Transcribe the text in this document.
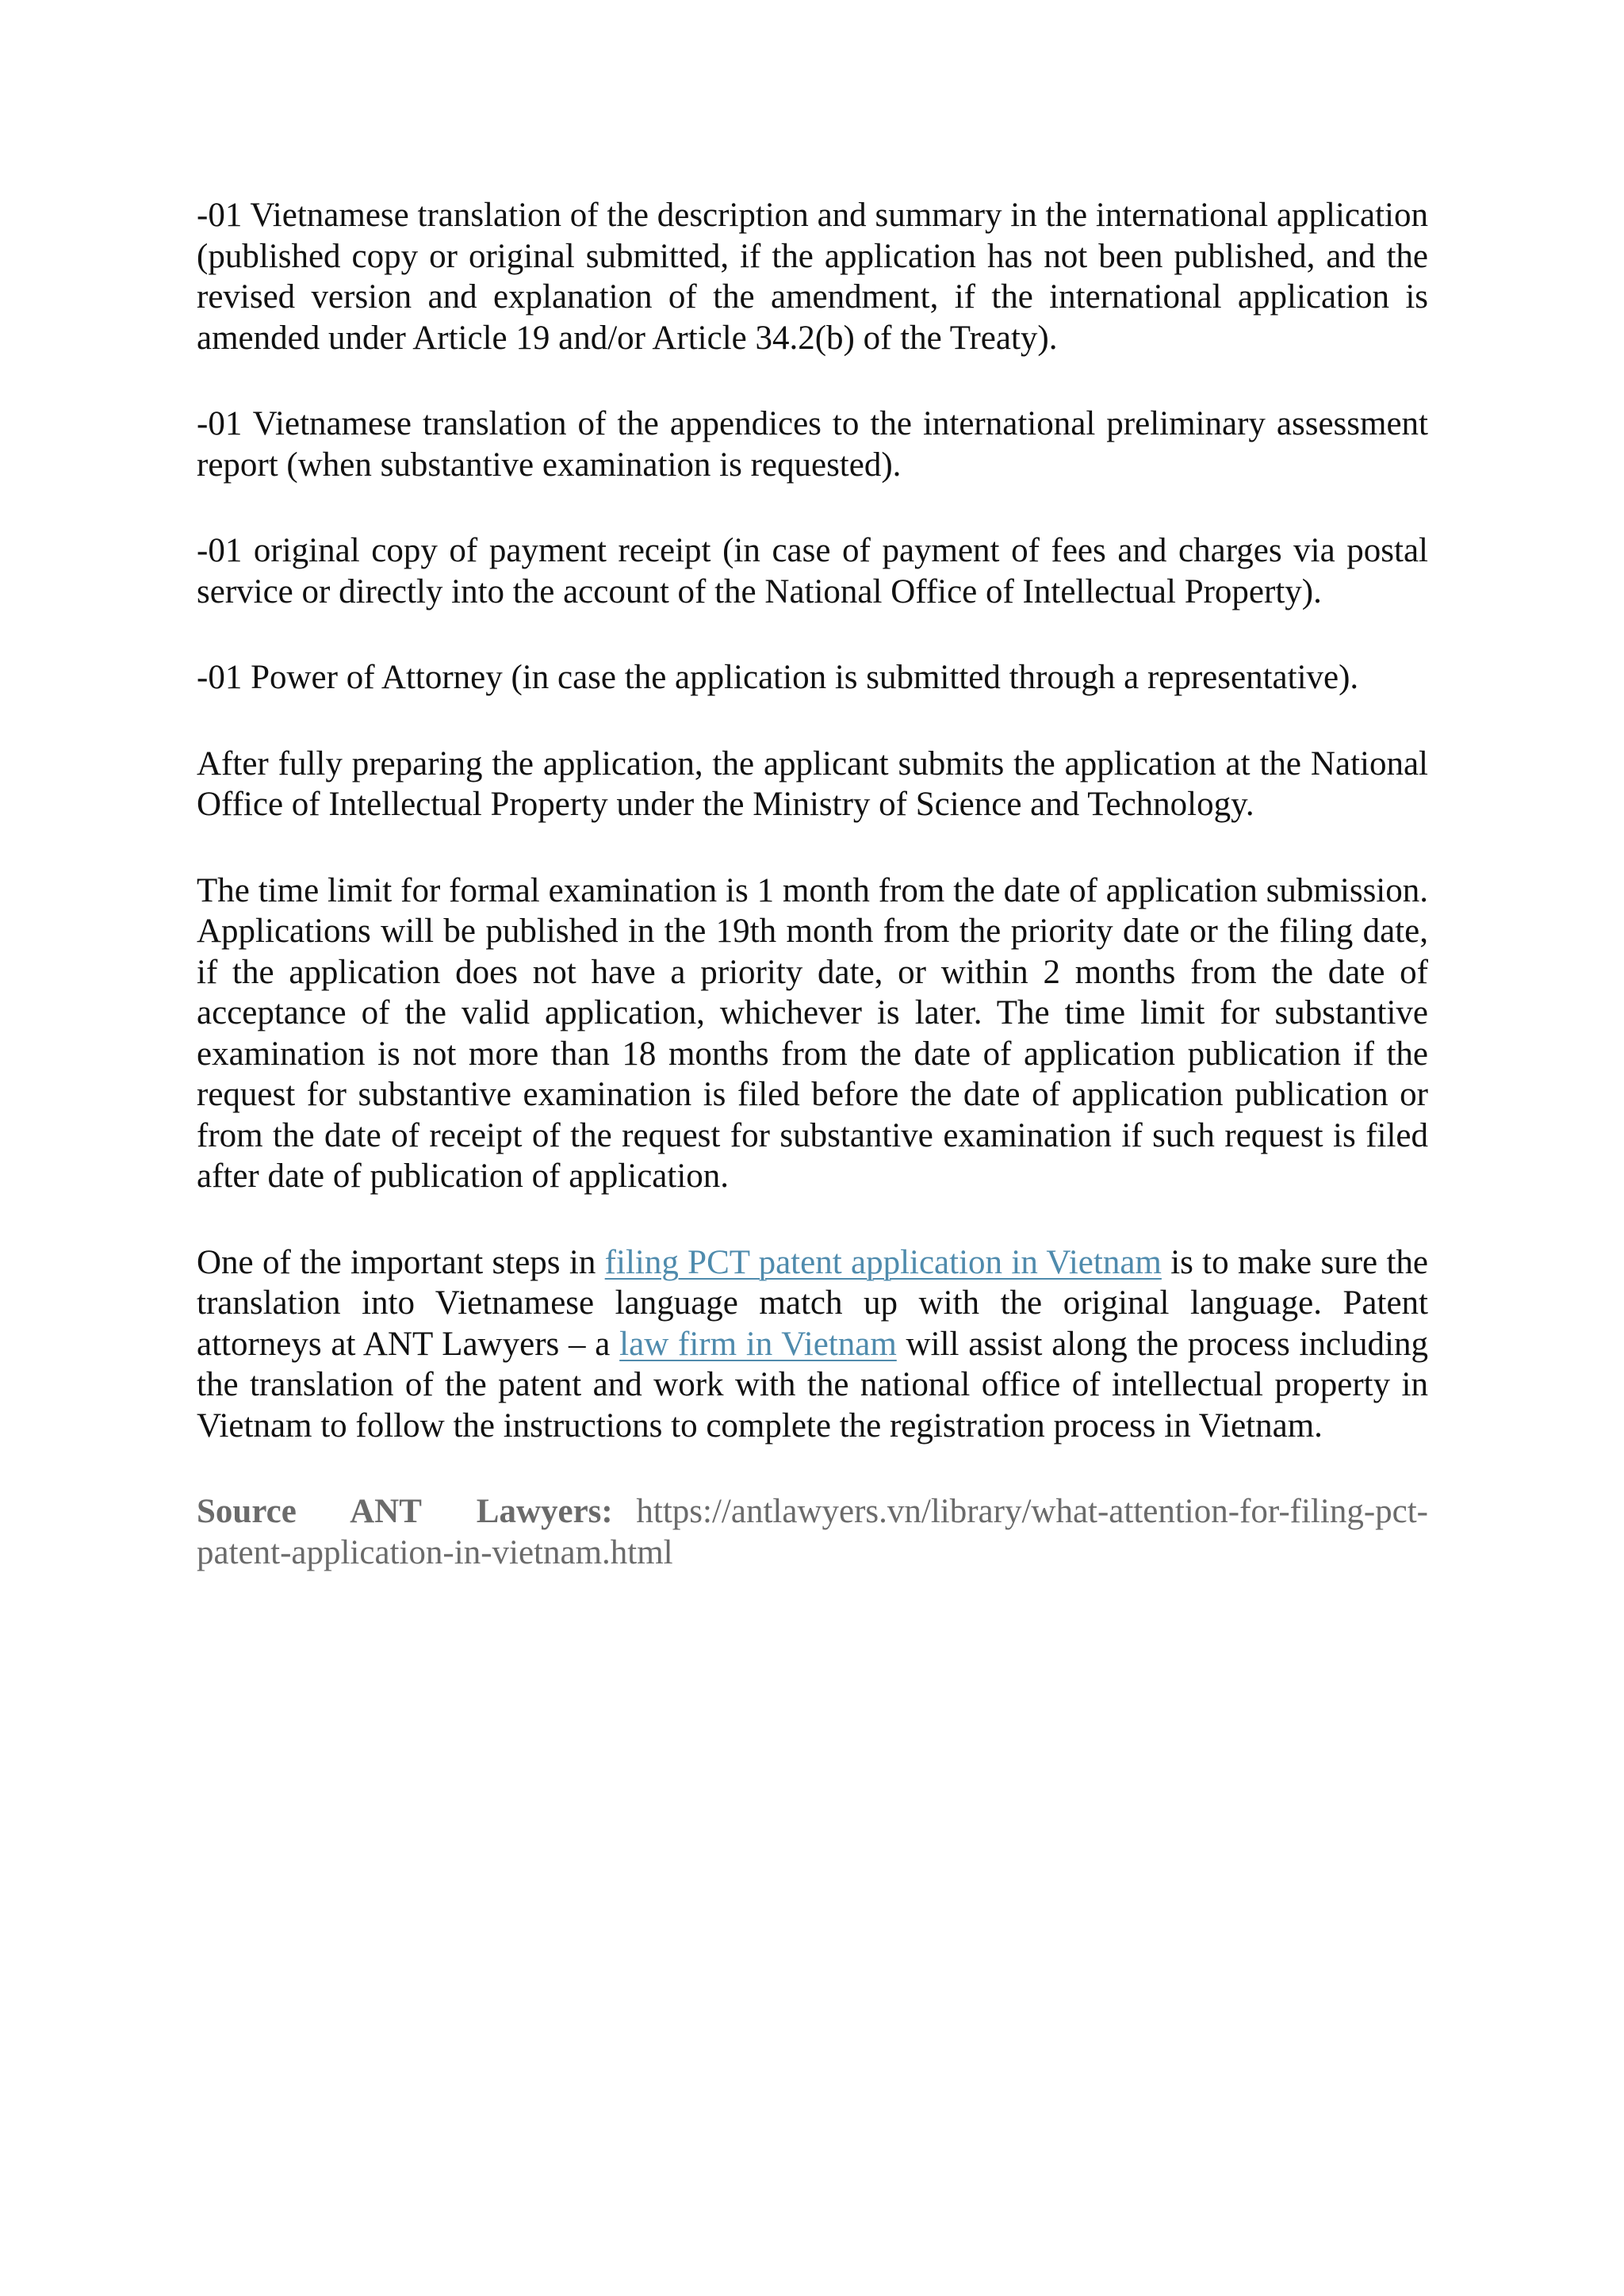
-01 Vietnamese translation of the description and summary in the international application (published copy or original submitted, if the application has not been published, and the revised version and explanation of the amendment, if the international application is amended under Article 19 and/or Article 34.2(b) of the Treaty).

-01 Vietnamese translation of the appendices to the international preliminary assessment report (when substantive examination is requested).

-01 original copy of payment receipt (in case of payment of fees and charges via postal service or directly into the account of the National Office of Intellectual Property).

-01 Power of Attorney (in case the application is submitted through a representative).

After fully preparing the application, the applicant submits the application at the National Office of Intellectual Property under the Ministry of Science and Technology.

The time limit for formal examination is 1 month from the date of application submission. Applications will be published in the 19th month from the priority date or the filing date, if the application does not have a priority date, or within 2 months from the date of acceptance of the valid application, whichever is later. The time limit for substantive examination is not more than 18 months from the date of application publication if the request for substantive examination is filed before the date of application publication or from the date of receipt of the request for substantive examination if such request is filed after date of publication of application.

One of the important steps in filing PCT patent application in Vietnam is to make sure the translation into Vietnamese language match up with the original language. Patent attorneys at ANT Lawyers – a law firm in Vietnam will assist along the process including the translation of the patent and work with the national office of intellectual property in Vietnam to follow the instructions to complete the registration process in Vietnam.

Source ANT Lawyers: https://antlawyers.vn/library/what-attention-for-filing-pct-patent-application-in-vietnam.html
